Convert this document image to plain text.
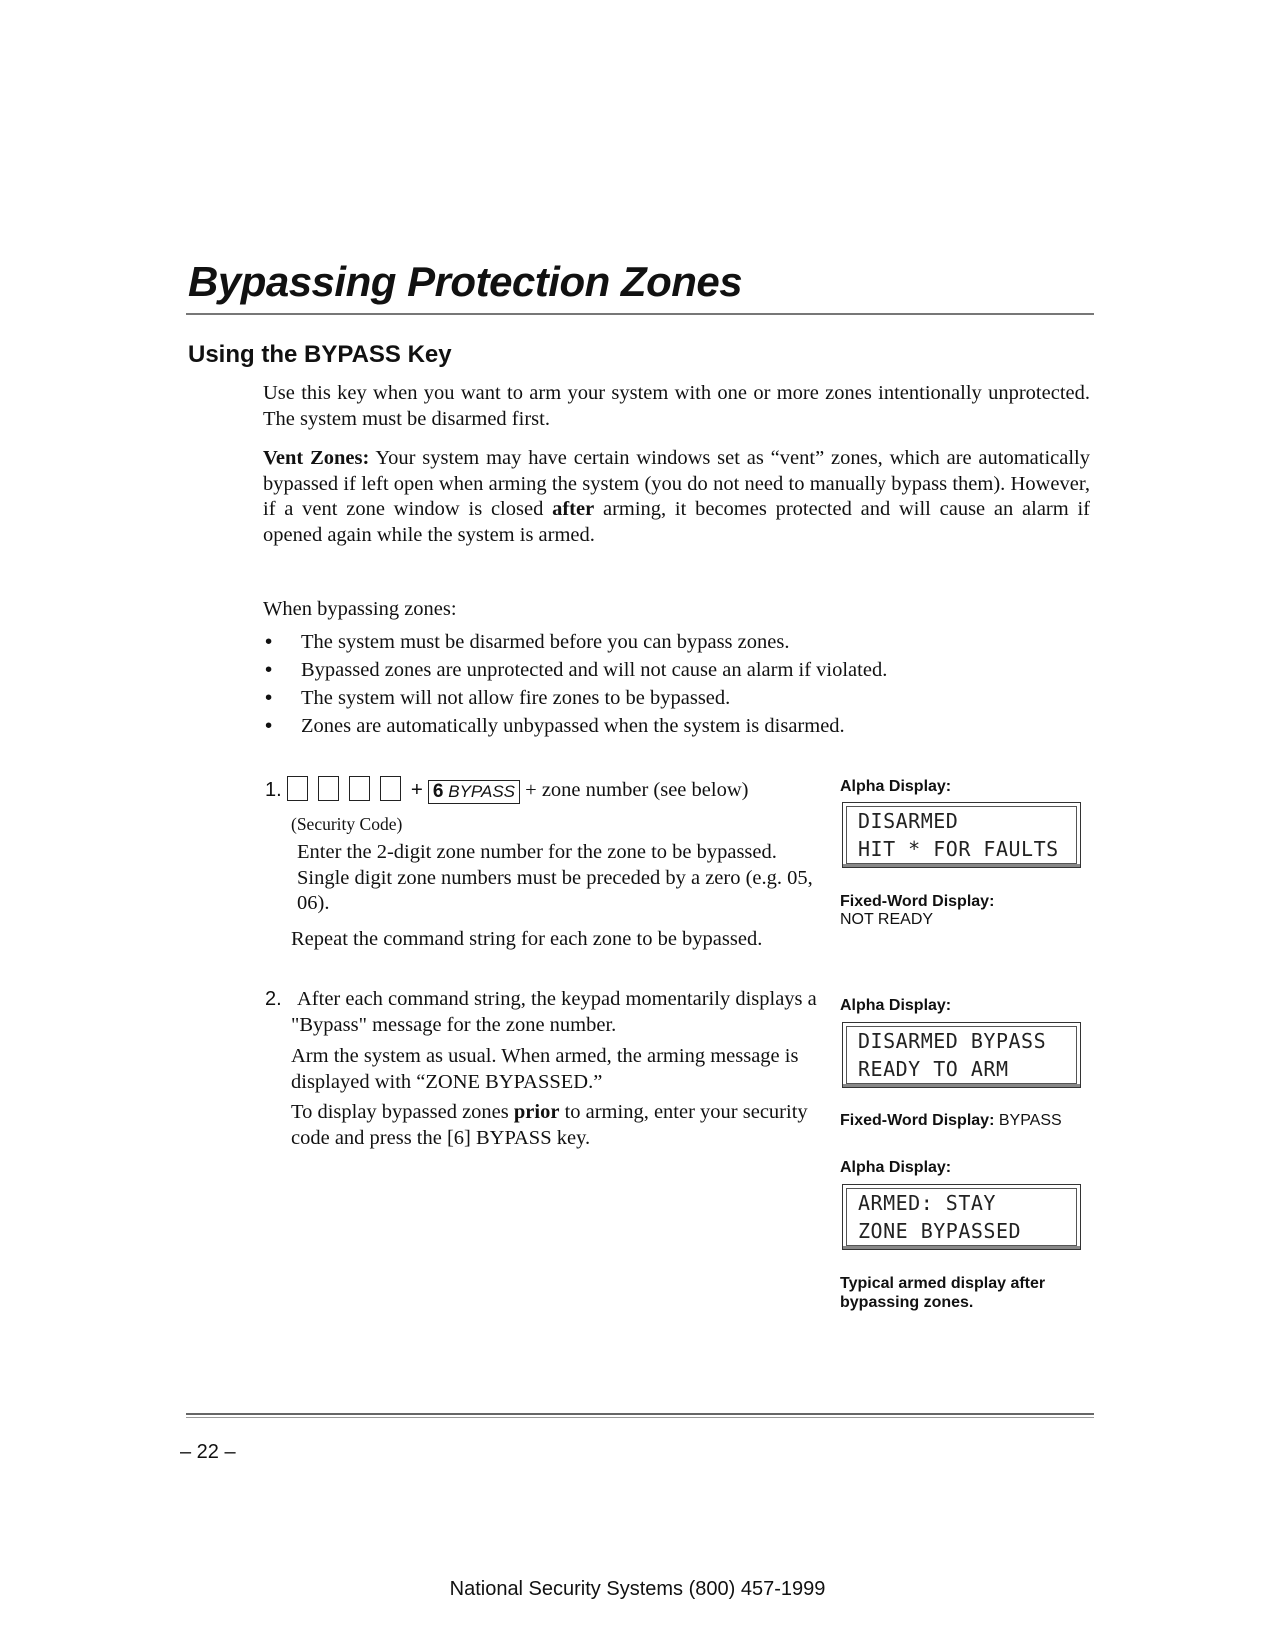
Bypassing Protection Zones
Using the BYPASS Key
Use this key when you want to arm your system with one or more zones intentionally unprotected. The system must be disarmed first.
Vent Zones: Your system may have certain windows set as “vent” zones, which are automatically bypassed if left open when arming the system (you do not need to manually bypass them). However, if a vent zone window is closed after arming, it becomes protected and will cause an alarm if opened again while the system is armed.
When bypassing zones:
• The system must be disarmed before you can bypass zones.
• Bypassed zones are unprotected and will not cause an alarm if violated.
• The system will not allow fire zones to be bypassed.
• Zones are automatically unbypassed when the system is disarmed.
1.	+ 6 BYPASS + zone number (see below)
(Security Code)
Enter the 2-digit zone number for the zone to be bypassed. Single digit zone numbers must be preceded by a zero (e.g. 05, 06).
Repeat the command string for each zone to be bypassed.
2. After each command string, the keypad momentarily displays a "Bypass" message for the zone number.
Arm the system as usual. When armed, the arming message is displayed with “ZONE BYPASSED.”
To display bypassed zones prior to arming, enter your security code and press the [6] BYPASS key.
Alpha Display:
DISARMED
HIT * FOR FAULTS
Fixed-Word Display:
NOT READY
Alpha Display:
DISARMED BYPASS
READY TO ARM
Fixed-Word Display: BYPASS
Alpha Display:
ARMED: STAY
ZONE BYPASSED
Typical armed display after bypassing zones.
– 22 –
National Security Systems (800) 457-1999
